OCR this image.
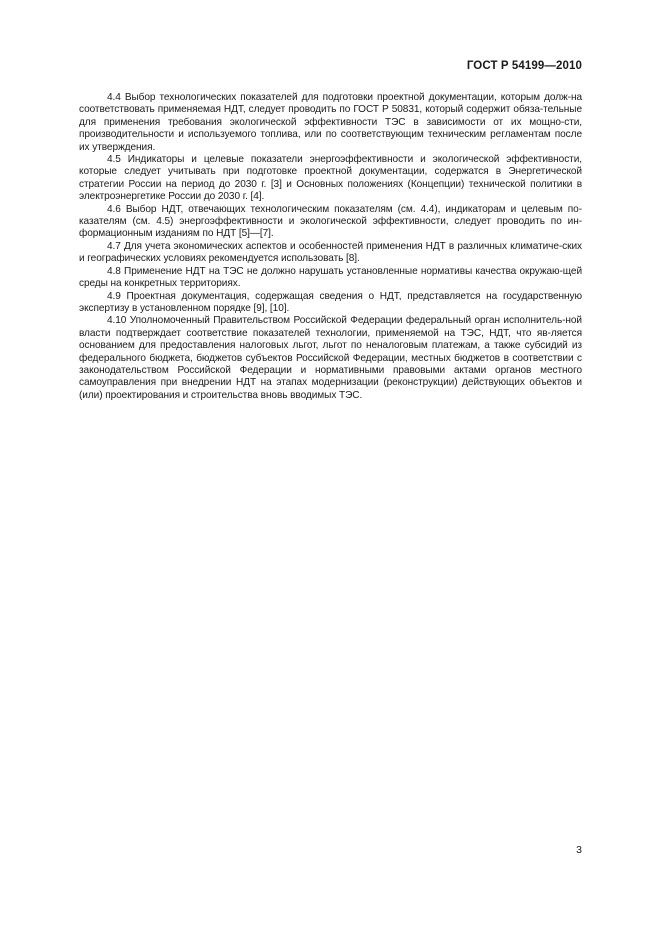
ГОСТ Р 54199—2010

4.4 Выбор технологических показателей для подготовки проектной документации, которым долж-на соответствовать применяемая НДТ, следует проводить по ГОСТ Р 50831, который содержит обяза-тельные для применения требования экологической эффективности ТЭС в зависимости от их мощно-сти, производительности и используемого топлива, или по соответствующим техническим регламентам после их утверждения.

4.5 Индикаторы и целевые показатели энергоэффективности и экологической эффективности, которые следует учитывать при подготовке проектной документации, содержатся в Энергетической стратегии России на период до 2030 г. [3] и Основных положениях (Концепции) технической политики в электроэнергетике России до 2030 г. [4].

4.6 Выбор НДТ, отвечающих технологическим показателям (см. 4.4), индикаторам и целевым по-казателям (см. 4.5) энергоэффективности и экологической эффективности, следует проводить по ин-формационным изданиям по НДТ [5]—[7].

4.7 Для учета экономических аспектов и особенностей применения НДТ в различных климатиче-ских и географических условиях рекомендуется использовать [8].

4.8 Применение НДТ на ТЭС не должно нарушать установленные нормативы качества окружаю-щей среды на конкретных территориях.

4.9 Проектная документация, содержащая сведения о НДТ, представляется на государственную экспертизу в установленном порядке [9], [10].

4.10 Уполномоченный Правительством Российской Федерации федеральный орган исполнитель-ной власти подтверждает соответствие показателей технологии, применяемой на ТЭС, НДТ, что яв-ляется основанием для предоставления налоговых льгот, льгот по неналоговым платежам, а также субсидий из федерального бюджета, бюджетов субъектов Российской Федерации, местных бюджетов в соответствии с законодательством Российской Федерации и нормативными правовыми актами органов местного самоуправления при внедрении НДТ на этапах модернизации (реконструкции) действующих объектов и (или) проектирования и строительства вновь вводимых ТЭС.

3
